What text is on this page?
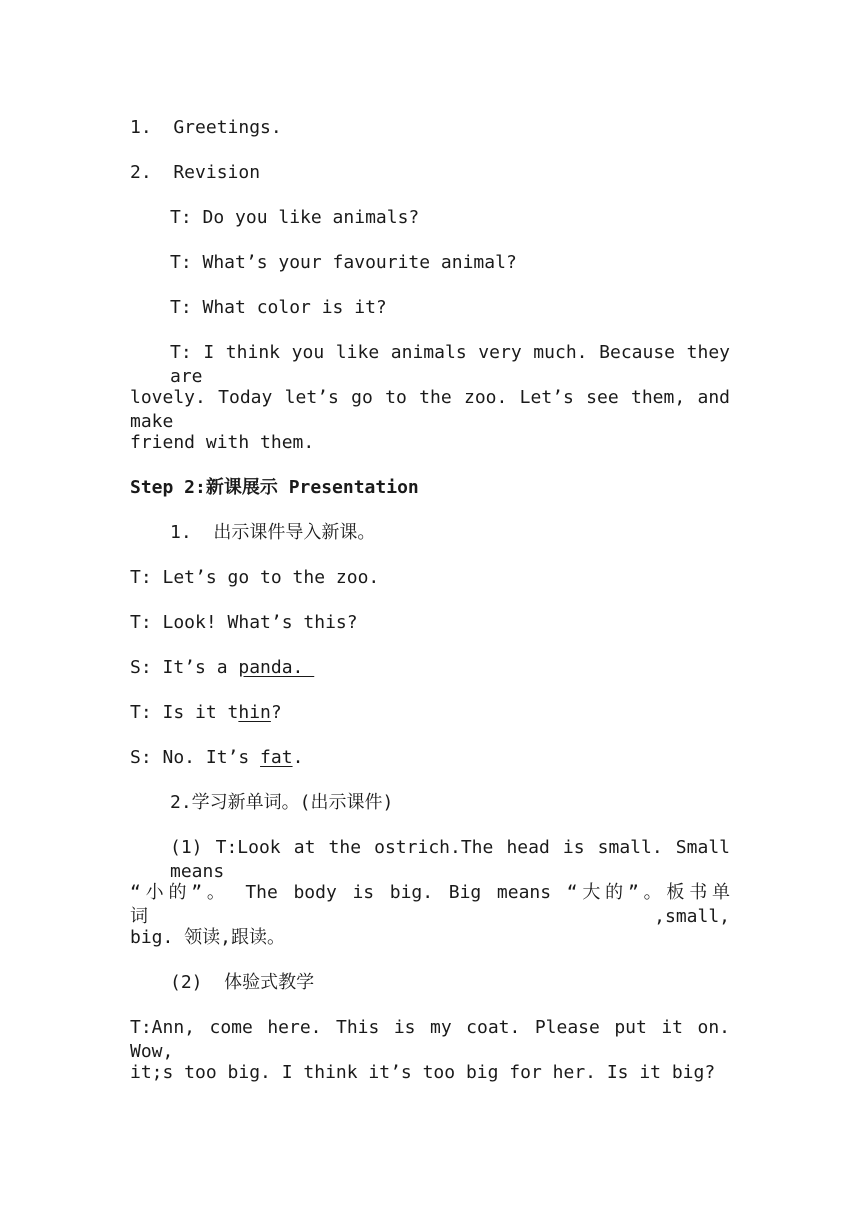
1.  Greetings.
2.  Revision
T: Do you like animals?
T: What’s your favourite animal?
T: What color is it?
T: I think you like animals very much. Because they are
lovely. Today let’s go to the zoo. Let’s see them, and make
friend with them.
Step 2:新课展示 Presentation
1.  出示课件导入新课。
T: Let’s go to the zoo.
T: Look! What’s this?
S: It’s a panda.
T: Is it thin?
S: No. It’s fat.
2.学习新单词。(出示课件)
(1) T:Look at the ostrich.The head is small. Small means
“小的”。 The body is big. Big means “大的”。板书单词,small,
big. 领读,跟读。
(2)  体验式教学
T:Ann, come here. This is my coat. Please put it on. Wow,
it;s too big. I think it’s too big for her. Is it big?
